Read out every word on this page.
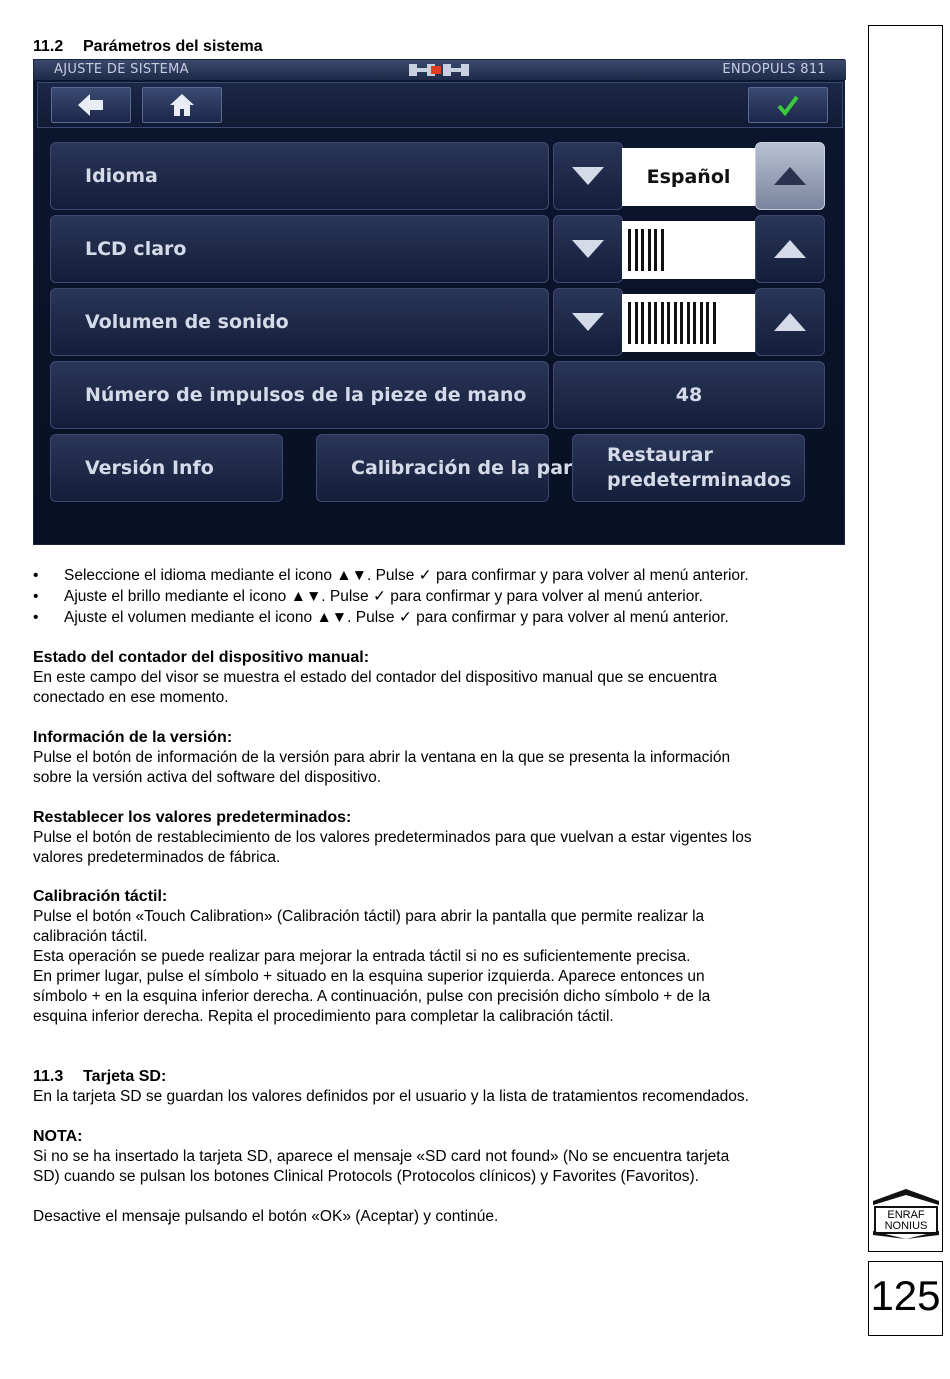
11.2 Parámetros del sistema
AJUSTE DE SISTEMA	ENDOPULS 811
Idioma	Español
LCD claro
Volumen de sonido
Número de impulsos de la pieze de mano	48
Versión Info	Calibración de la par
Restaurar
predeterminados
• Seleccione el idioma mediante el icono ▲▼. Pulse ✓ para confirmar y para volver al menú anterior.
• Ajuste el brillo mediante el icono ▲▼. Pulse ✓ para confirmar y para volver al menú anterior.
• Ajuste el volumen mediante el icono ▲▼. Pulse ✓ para confirmar y para volver al menú anterior.
Estado del contador del dispositivo manual:
En este campo del visor se muestra el estado del contador del dispositivo manual que se encuentra
conectado en ese momento.
Información de la versión:
Pulse el botón de información de la versión para abrir la ventana en la que se presenta la información
sobre la versión activa del software del dispositivo.
Restablecer los valores predeterminados:
Pulse el botón de restablecimiento de los valores predeterminados para que vuelvan a estar vigentes los
valores predeterminados de fábrica.
Calibración táctil:
Pulse el botón «Touch Calibration» (Calibración táctil) para abrir la pantalla que permite realizar la
calibración táctil.
Esta operación se puede realizar para mejorar la entrada táctil si no es suficientemente precisa.
En primer lugar, pulse el símbolo + situado en la esquina superior izquierda. Aparece entonces un
símbolo + en la esquina inferior derecha. A continuación, pulse con precisión dicho símbolo + de la
esquina inferior derecha. Repita el procedimiento para completar la calibración táctil.
11.3 Tarjeta SD:
En la tarjeta SD se guardan los valores definidos por el usuario y la lista de tratamientos recomendados.
NOTA:
Si no se ha insertado la tarjeta SD, aparece el mensaje «SD card not found» (No se encuentra tarjeta
SD) cuando se pulsan los botones Clinical Protocols (Protocolos clínicos) y Favorites (Favoritos).
Desactive el mensaje pulsando el botón «OK» (Aceptar) y continúe.	ENRAF
NONIUS
125
